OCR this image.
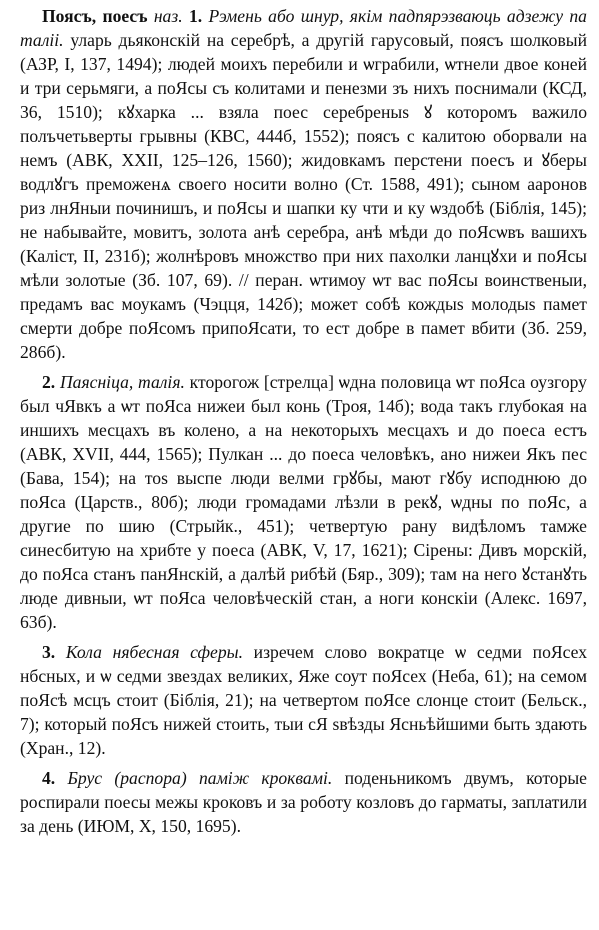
Поясъ, поесъ наз. 1. Рэмень або шнур, якім падпярэзваюць адзежу па таліі. уларь дьяконскій на серебрѣ, а другій гарусовый, поясъ шолковый (АЗР, I, 137, 1494); людей моихъ перебили и ѡграбили, ѡтнели двое коней и три серьмяги, а поЯсы съ колитами и пенезми зъ нихъ поснимали (КСД, 36, 1510); кꙋхарка ... взяла поес серебреныѕ ꙋ которомъ важило полъчетьверты грывны (КВС, 444б, 1552); поясъ с калитою оборвали на немъ (АВК, XXII, 125–126, 1560); жидовкамъ перстени поесъ и ꙋберы водлꙋгъ преможенѧ своего носити волно (Ст. 1588, 491); сыном ааронов риз лнЯныи починишъ, и поЯсы и шапки ку чти и ку ѡздобѣ (Біблія, 145); не набывайте, мовитъ, золота анѣ серебра, анѣ мѣди до поЯсѡвъ вашихъ (Каліст, II, 231б); жолнѣровъ множство при них пахолки ланцꙋхи и поЯсы мѣли золотые (Зб. 107, 69). // перан. ѡтимоу ѡт вас поЯсы воинственыи, предамъ вас моукамъ (Чэцця, 142б); может собѣ кождыѕ молодыѕ памет смерти добре поЯсомъ припоЯсати, то ест добре в памет вбити (Зб. 259, 286б).

2. Паясніца, талія. кторогож [стрелца] ѡдна половица ѡт поЯса оузгору был чЯвкъ а ѡт поЯса нижеи был конь (Троя, 14б); вода такъ глубокая на иншихъ месцахъ въ колено, а на некоторыхъ месцахъ и до поеса естъ (АВК, XVII, 444, 1565); Пулкан ... до поеса человѣкъ, ано нижеи Якъ пес (Бава, 154); на тоѕ выспе люди велми грꙋбы, мают гꙋбу исподнюю до поЯса (Царств., 80б); люди громадами лѣзли в рекꙋ, ѡдны по поЯс, а другие по шию (Стрыйк., 451); четвертую рану видѣломъ тамже синесбитую на хрибте у поеса (АВК, V, 17, 1621); Сірены: Дивъ морскій, до поЯса станъ панЯнскій, а далѣй рибѣй (Бяр., 309); там на него ꙋстанꙋть люде дивныи, ѡт поЯса человѣческій стан, а ноги конскіи (Алекс. 1697, 63б).

3. Кола нябесная сферы. изречем слово вократце ѡ седми поЯсех нбсных, и ѡ седми звездах великих, Яже соут поЯсех (Неба, 61); на семом поЯсѣ мсцъ стоит (Біблія, 21); на четвертом поЯсе слонце стоит (Бельск., 7); который поЯсъ нижей стоить, тыи сЯ ѕвѣзды Ясньѣйшими быть здають (Хран., 12).

4. Брус (распора) паміж кроквамі. поденьникомъ двумъ, которые роспирали поесы межы кроковъ и за роботу козловъ до гарматы, заплатили за день (ИЮМ, X, 150, 1695).
